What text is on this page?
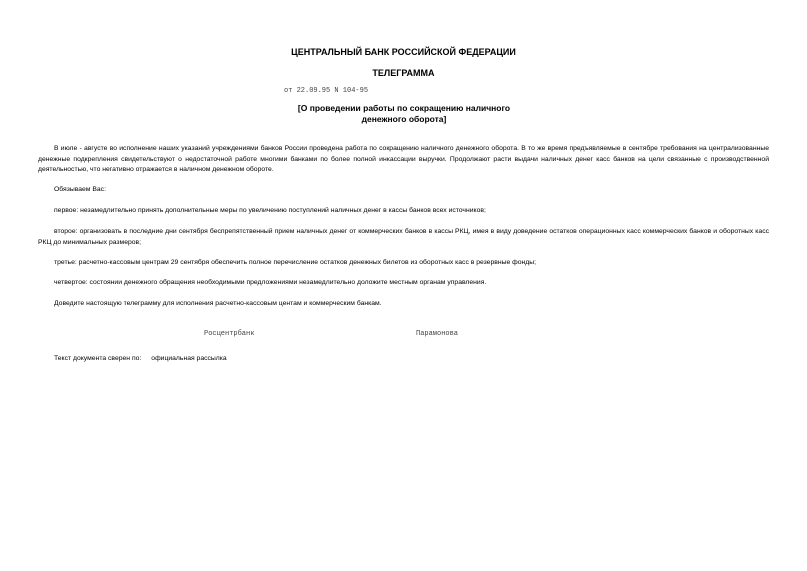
ЦЕНТРАЛЬНЫЙ БАНК РОССИЙСКОЙ ФЕДЕРАЦИИ
ТЕЛЕГРАММА
от 22.09.95 N 104-95
[О проведении работы по сокращению наличного
денежного оборота]
В июле - августе во исполнение наших указаний учреждениями банков России проведена работа по сокращению наличного денежного оборота. В то же время предъявляемые в сентябре требования на централизованные денежные подкрепления свидетельствуют о недостаточной работе многими банками по более полной инкассации выручки. Продолжают расти выдачи наличных денег касс банков на цели связанные с производственной деятельностью, что негативно отражается в наличном денежном обороте.
Обязываем Вас:
первое: незамедлительно принять дополнительные меры по увеличению поступлений наличных денег в кассы банков всех источников;
второе: организовать в последние дни сентября беспрепятственный прием наличных денег от коммерческих банков в кассы РКЦ, имея в виду доведение остатков операционных касс коммерческих банков и оборотных касс РКЦ до минимальных размеров;
третье: расчетно-кассовым центрам 29 сентября обеспечить полное перечисление остатков денежных билетов из оборотных касс в резервные фонды;
четвертое: состоянии денежного обращения необходимыми предложениями незамедлительно доложите местным органам управления.
Доведите настоящую телеграмму для исполнения расчетно-кассовым центам и коммерческим банкам.
Росцентрбанк	Парамонова
Текст документа сверен по: официальная рассылка
